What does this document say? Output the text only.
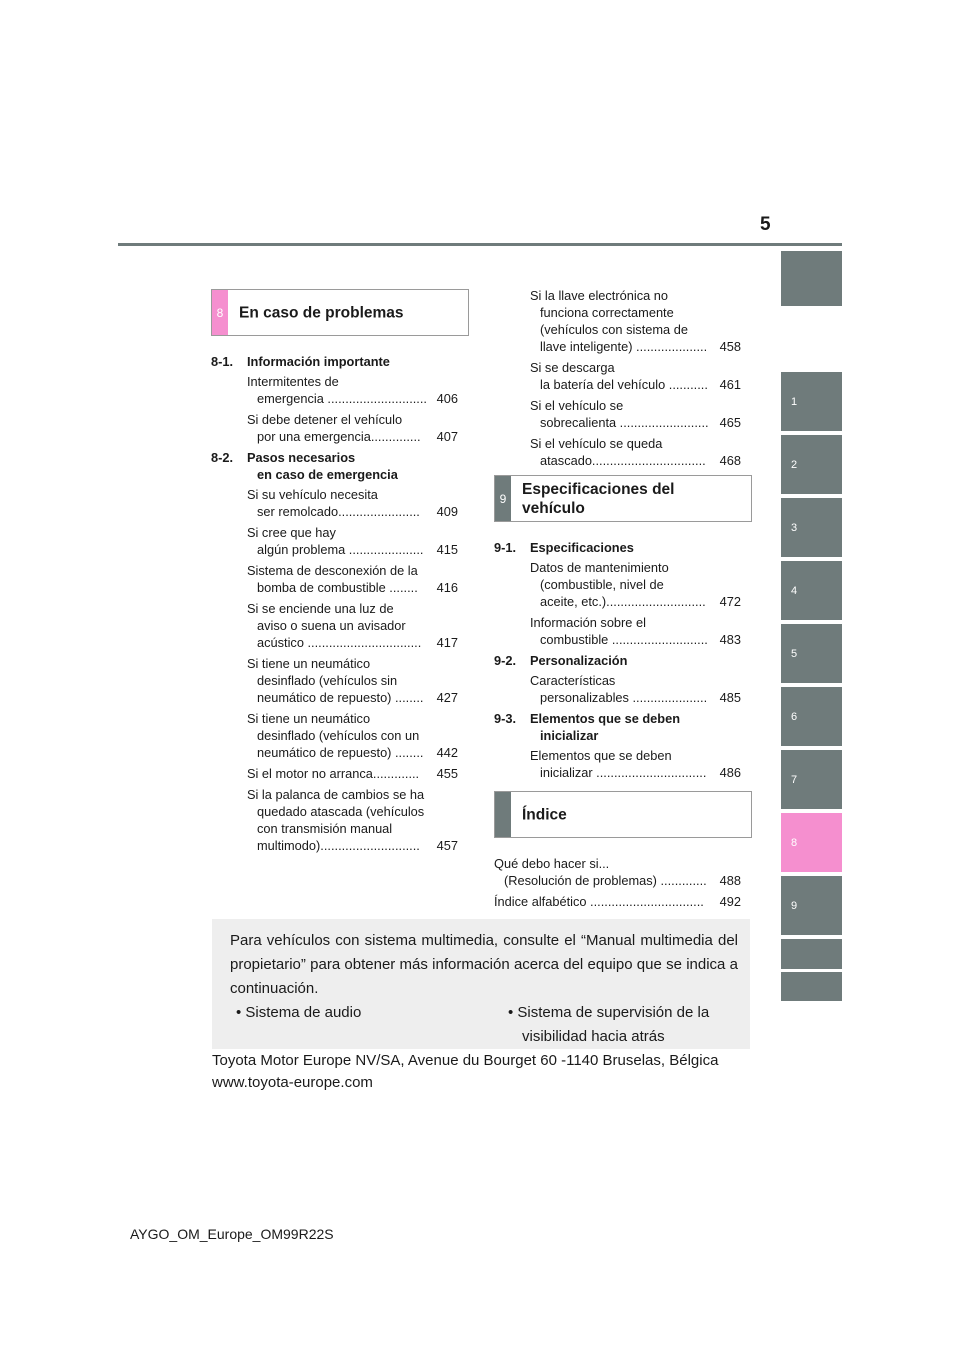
5
1
2
3
4
5
6
7
8
9
8	En caso de problemas
8-1.	Información importante
Intermitentes de
emergencia ............................ 406
Si debe detener el vehículo
por una emergencia..............	407
8-2.	Pasos necesarios
en caso de emergencia
Si su vehículo necesita
ser remolcado.......................	409
Si cree que hay
algún problema .....................	415
Sistema de desconexión de la
bomba de combustible ........	416
Si se enciende una luz de
aviso o suena un avisador
acústico ................................	417
Si tiene un neumático
desinflado (vehículos sin
neumático de repuesto) ........	427
Si tiene un neumático
desinflado (vehículos con un
neumático de repuesto) ........	442
Si el motor no arranca.............	455
Si la palanca de cambios se ha
quedado atascada (vehículos
con transmisión manual
multimodo)............................	457
Si la llave electrónica no
funciona correctamente
(vehículos con sistema de
llave inteligente) .................... 458
Si se descarga
la batería del vehículo ........... 461
Si el vehículo se
sobrecalienta ......................... 465
Si el vehículo se queda
atascado................................	468
9
Especificaciones del
vehículo
9-1.	Especificaciones
Datos de mantenimiento
(combustible, nivel de
aceite, etc.)............................	472
Información sobre el
combustible ........................... 483
9-2.	Personalización
Características
personalizables ..................... 485
9-3.	Elementos que se deben
inicializar
Elementos que se deben
inicializar ...............................	486
Índice
Qué debo hacer si...
(Resolución de problemas) .............	488
Índice alfabético ................................	492
Para vehículos con sistema multimedia, consulte el “Manual multimedia del propietario” para obtener más información acerca del equipo que se indica a continuación.
• Sistema de audio	• Sistema de supervisión de la
visibilidad hacia atrás
Toyota Motor Europe NV/SA, Avenue du Bourget 60 -1140 Bruselas, Bélgica
www.toyota-europe.com
AYGO_OM_Europe_OM99R22S
